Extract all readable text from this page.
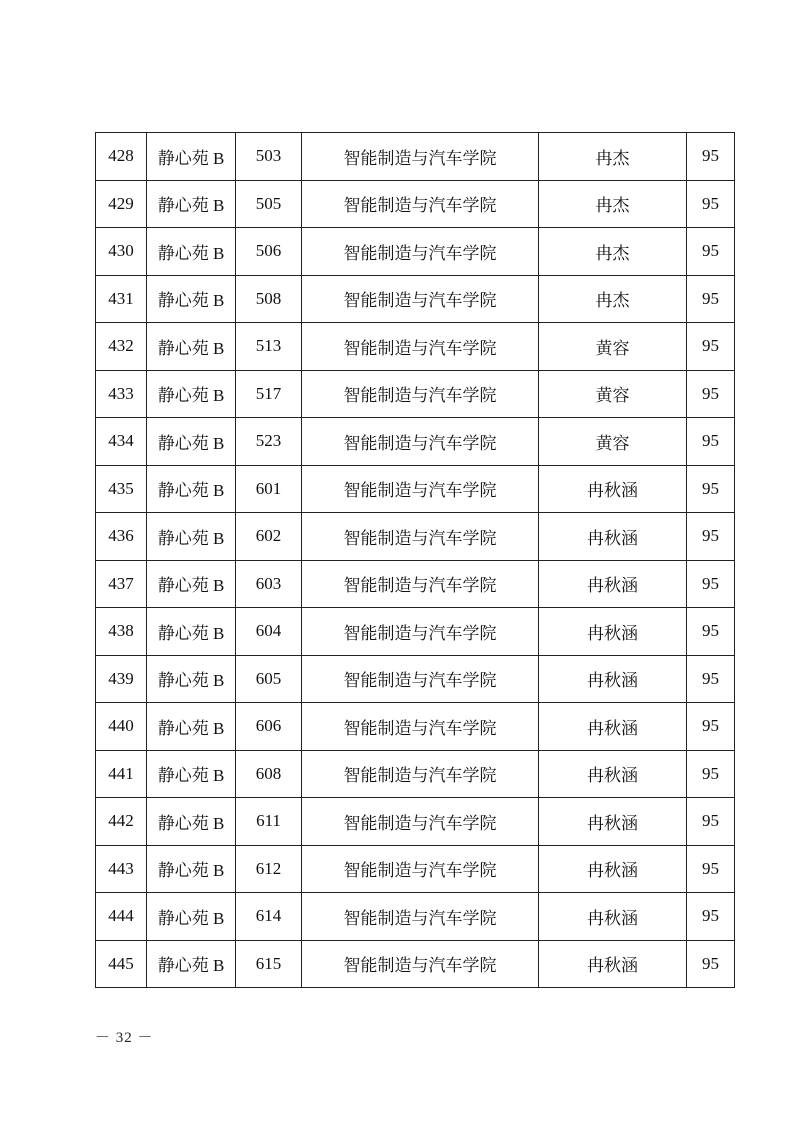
428	静心苑 B	503	智能制造与汽车学院	冉杰	95
429	静心苑 B	505	智能制造与汽车学院	冉杰	95
430	静心苑 B	506	智能制造与汽车学院	冉杰	95
431	静心苑 B	508	智能制造与汽车学院	冉杰	95
432	静心苑 B	513	智能制造与汽车学院	黄容	95
433	静心苑 B	517	智能制造与汽车学院	黄容	95
434	静心苑 B	523	智能制造与汽车学院	黄容	95
435	静心苑 B	601	智能制造与汽车学院	冉秋涵	95
436	静心苑 B	602	智能制造与汽车学院	冉秋涵	95
437	静心苑 B	603	智能制造与汽车学院	冉秋涵	95
438	静心苑 B	604	智能制造与汽车学院	冉秋涵	95
439	静心苑 B	605	智能制造与汽车学院	冉秋涵	95
440	静心苑 B	606	智能制造与汽车学院	冉秋涵	95
441	静心苑 B	608	智能制造与汽车学院	冉秋涵	95
442	静心苑 B	611	智能制造与汽车学院	冉秋涵	95
443	静心苑 B	612	智能制造与汽车学院	冉秋涵	95
444	静心苑 B	614	智能制造与汽车学院	冉秋涵	95
445	静心苑 B	615	智能制造与汽车学院	冉秋涵	95
－ 32 －
